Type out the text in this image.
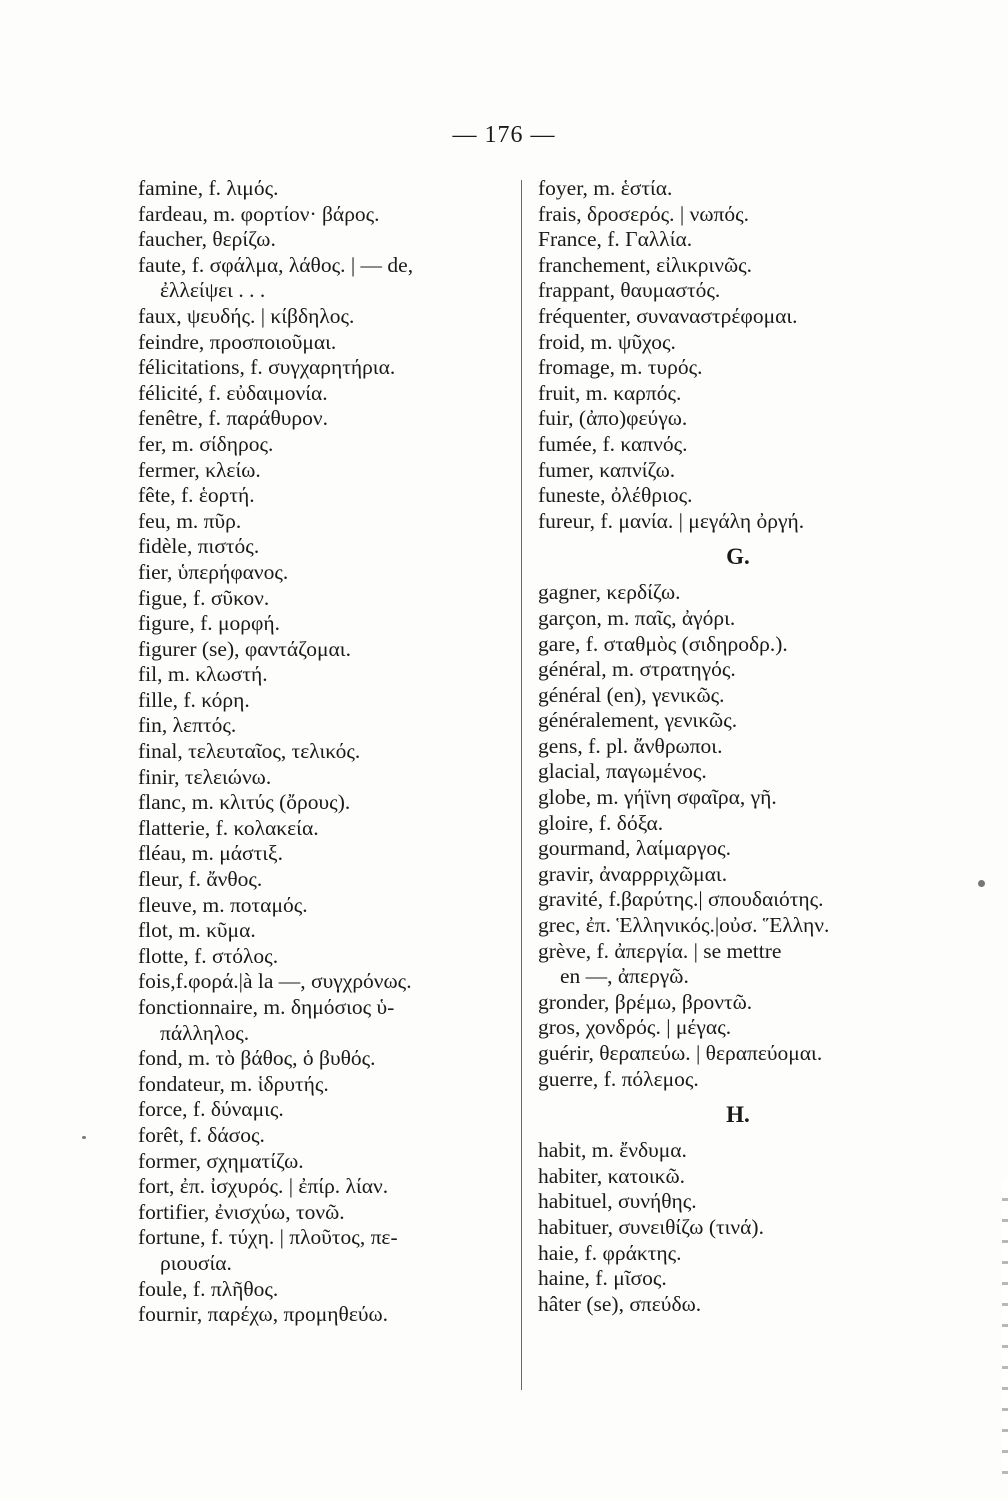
— 176 —
famine, f. λιμός.
fardeau, m. φορτίον· βάρος.
faucher, θερίζω.
faute, f. σφάλμα, λάθος. | — de,
ἐλλείψει . . .
faux, ψευδής. | κίβδηλος.
feindre, προσποιοῦμαι.
félicitations, f. συγχαρητήρια.
félicité, f. εὐδαιμονία.
fenêtre, f. παράθυρον.
fer, m. σίδηρος.
fermer, κλείω.
fête, f. ἑορτή.
feu, m. πῦρ.
fidèle, πιστός.
fier, ὑπερήφανος.
figue, f. σῦκον.
figure, f. μορφή.
figurer (se), φαντάζομαι.
fil, m. κλωστή.
fille, f. κόρη.
fin, λεπτός.
final, τελευταῖος, τελικός.
finir, τελειώνω.
flanc, m. κλιτύς (ὄρους).
flatterie, f. κολακεία.
fléau, m. μάστιξ.
fleur, f. ἄνθος.
fleuve, m. ποταμός.
flot, m. κῦμα.
flotte, f. στόλος.
fois,f.φορά.|à la —, συγχρόνως.
fonctionnaire, m. δημόσιος ὑ-
πάλληλος.
fond, m. τὸ βάθος, ὁ βυθός.
fondateur, m. ἱδρυτής.
force, f. δύναμις.
forêt, f. δάσος.
former, σχηματίζω.
fort, ἐπ. ἰσχυρός. | ἐπίρ. λίαν.
fortifier, ἐνισχύω, τονῶ.
fortune, f. τύχη. | πλοῦτος, πε-
ριουσία.
foule, f. πλῆθος.
fournir, παρέχω, προμηθεύω.
foyer, m. ἑστία.
frais, δροσερός. | νωπός.
France, f. Γαλλία.
franchement, εἰλικρινῶς.
frappant, θαυμαστός.
fréquenter, συναναστρέφομαι.
froid, m. ψῦχος.
fromage, m. τυρός.
fruit, m. καρπός.
fuir, (ἀπο)φεύγω.
fumée, f. καπνός.
fumer, καπνίζω.
funeste, ὀλέθριος.
fureur, f. μανία. | μεγάλη ὀργή.
G.
gagner, κερδίζω.
garçon, m. παῖς, ἀγόρι.
gare, f. σταθμὸς (σιδηροδρ.).
général, m. στρατηγός.
général (en), γενικῶς.
généralement, γενικῶς.
gens, f. pl. ἄνθρωποι.
glacial, παγωμένος.
globe, m. γήϊνη σφαῖρα, γῆ.
gloire, f. δόξα.
gourmand, λαίμαργος.
gravir, ἀναρρριχῶμαι.
gravité, f.βαρύτης.| σπουδαιότης.
grec, ἐπ. Ἑλληνικός.|οὐσ. Ἕλλην.
grève, f. ἀπεργία. | se mettre
en —, ἀπεργῶ.
gronder, βρέμω, βροντῶ.
gros, χονδρός. | μέγας.
guérir, θεραπεύω. | θεραπεύομαι.
guerre, f. πόλεμος.
H.
habit, m. ἔνδυμα.
habiter, κατοικῶ.
habituel, συνήθης.
habituer, συνειθίζω (τινά).
haie, f. φράκτης.
haine, f. μῖσος.
hâter (se), σπεύδω.
